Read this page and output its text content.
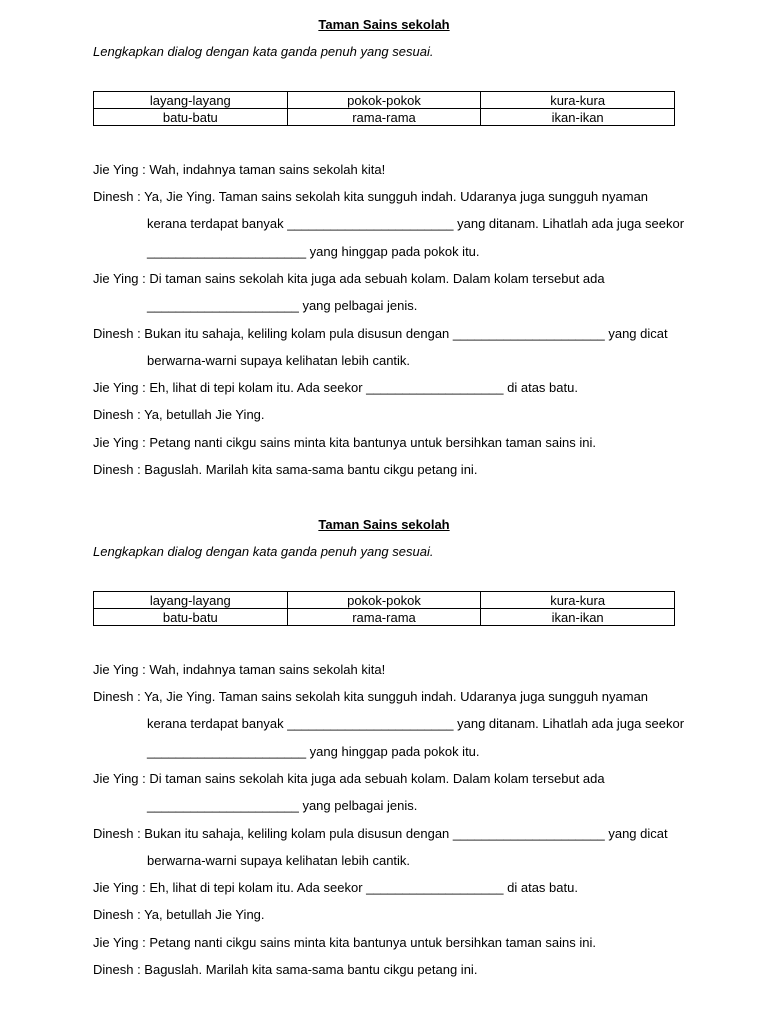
Taman Sains sekolah
Lengkapkan dialog dengan kata ganda penuh yang sesuai.
layang-layang	pokok-pokok	kura-kura
batu-batu	rama-rama	ikan-ikan
Jie Ying : Wah, indahnya taman sains sekolah kita!
Dinesh : Ya, Jie Ying. Taman sains sekolah kita sungguh indah. Udaranya juga sungguh nyaman
kerana terdapat banyak _______________________ yang ditanam. Lihatlah ada juga seekor
______________________ yang hinggap pada pokok itu.
Jie Ying : Di taman sains sekolah kita juga ada sebuah kolam. Dalam kolam tersebut ada
_____________________ yang pelbagai jenis.
Dinesh : Bukan itu sahaja, keliling kolam pula disusun dengan _____________________ yang dicat
berwarna-warni supaya kelihatan lebih cantik.
Jie Ying : Eh, lihat di tepi kolam itu. Ada seekor ___________________ di atas batu.
Dinesh : Ya, betullah Jie Ying.
Jie Ying : Petang nanti cikgu sains minta kita bantunya untuk bersihkan taman sains ini.
Dinesh : Baguslah. Marilah kita sama-sama bantu cikgu petang ini.
Taman Sains sekolah
Lengkapkan dialog dengan kata ganda penuh yang sesuai.
layang-layang	pokok-pokok	kura-kura
batu-batu	rama-rama	ikan-ikan
Jie Ying : Wah, indahnya taman sains sekolah kita!
Dinesh : Ya, Jie Ying. Taman sains sekolah kita sungguh indah. Udaranya juga sungguh nyaman
kerana terdapat banyak _______________________ yang ditanam. Lihatlah ada juga seekor
______________________ yang hinggap pada pokok itu.
Jie Ying : Di taman sains sekolah kita juga ada sebuah kolam. Dalam kolam tersebut ada
_____________________ yang pelbagai jenis.
Dinesh : Bukan itu sahaja, keliling kolam pula disusun dengan _____________________ yang dicat
berwarna-warni supaya kelihatan lebih cantik.
Jie Ying : Eh, lihat di tepi kolam itu. Ada seekor ___________________ di atas batu.
Dinesh : Ya, betullah Jie Ying.
Jie Ying : Petang nanti cikgu sains minta kita bantunya untuk bersihkan taman sains ini.
Dinesh : Baguslah. Marilah kita sama-sama bantu cikgu petang ini.
